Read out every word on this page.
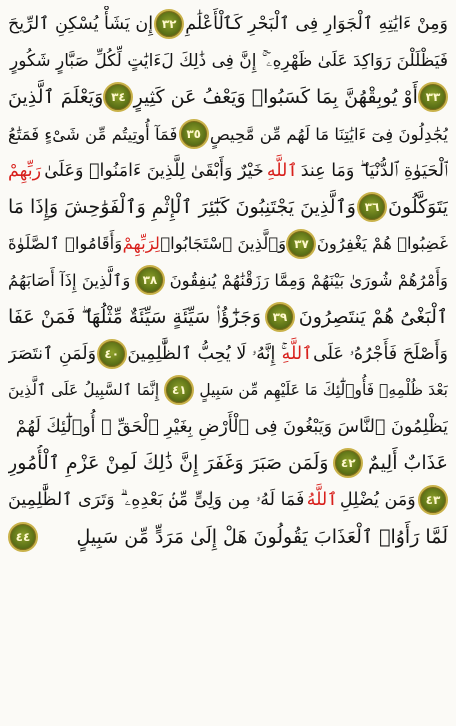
وَمِنْ ءَايَٰتِهِ ٱلْجَوَارِ فِى ٱلْبَحْرِ كَٱلْأَعْلَٰمِ
٣٢
إِن يَشَأْ يُسْكِنِ ٱلرِّيحَ
فَيَظْلَلْنَ رَوَاكِدَ عَلَىٰ ظَهْرِهِۦٓ ۚ إِنَّ فِى ذَٰلِكَ لَءَايَٰتٍ لِّكُلِّ صَبَّارٍ شَكُورٍ
٣٣
أَوْ يُوبِقْهُنَّ بِمَا كَسَبُوا۟ وَيَعْفُ عَن كَثِيرٍ
٣٤
وَيَعْلَمَ ٱلَّذِينَ
يُجَٰدِلُونَ فِىٓ ءَايَٰتِنَا مَا لَهُم مِّن مَّحِيصٍ
٣٥
فَمَآ أُوتِيتُم مِّن شَىْءٍ فَمَتَٰعُ
ٱلْحَيَوٰةِ ٱلدُّنْيَا ۖ وَمَا عِندَ
ٱللَّهِ
خَيْرٌ وَأَبْقَىٰ لِلَّذِينَ ءَامَنُوا۟ وَعَلَىٰ
رَبِّهِمْ
يَتَوَكَّلُونَ
٣٦
وَٱلَّذِينَ يَجْتَنِبُونَ كَبَٰٓئِرَ ٱلْإِثْمِ وَٱلْفَوَٰحِشَ وَإِذَا مَا
غَضِبُوا۟ هُمْ يَغْفِرُونَ
٣٧
وَٱلَّذِينَ ٱسْتَجَابُوا۟
لِرَبِّهِمْ
وَأَقَامُوا۟ ٱلصَّلَوٰةَ
وَأَمْرُهُمْ شُورَىٰ بَيْنَهُمْ وَمِمَّا رَزَقْنَٰهُمْ يُنفِقُونَ
٣٨
وَٱلَّذِينَ إِذَآ أَصَابَهُمُ
ٱلْبَغْىُ هُمْ يَنتَصِرُونَ
٣٩
وَجَزَٰٓؤُا۟ سَيِّئَةٍ سَيِّئَةٌ مِّثْلُهَا ۖ فَمَنْ عَفَا
وَأَصْلَحَ فَأَجْرُهُۥ عَلَى
ٱللَّهِ
ۚ إِنَّهُۥ لَا يُحِبُّ ٱلظَّٰلِمِينَ
٤٠
وَلَمَنِ ٱنتَصَرَ
بَعْدَ ظُلْمِهِۦ فَأُو۟لَٰٓئِكَ مَا عَلَيْهِم مِّن سَبِيلٍ
٤١
إِنَّمَا ٱلسَّبِيلُ عَلَى ٱلَّذِينَ
يَظْلِمُونَ ٱلنَّاسَ وَيَبْغُونَ فِى ٱلْأَرْضِ بِغَيْرِ ٱلْحَقِّ ۚ أُو۟لَٰٓئِكَ لَهُمْ
عَذَابٌ أَلِيمٌ
٤٢
وَلَمَن صَبَرَ وَغَفَرَ إِنَّ ذَٰلِكَ لَمِنْ عَزْمِ ٱلْأُمُورِ
٤٣
وَمَن يُضْلِلِ
ٱللَّهُ
فَمَا لَهُۥ مِن وَلِىٍّ مِّنۢ بَعْدِهِۦ ۗ وَتَرَى ٱلظَّٰلِمِينَ
لَمَّا رَأَوُا۟ ٱلْعَذَابَ يَقُولُونَ هَلْ إِلَىٰ مَرَدٍّ مِّن سَبِيلٍ
٤٤
